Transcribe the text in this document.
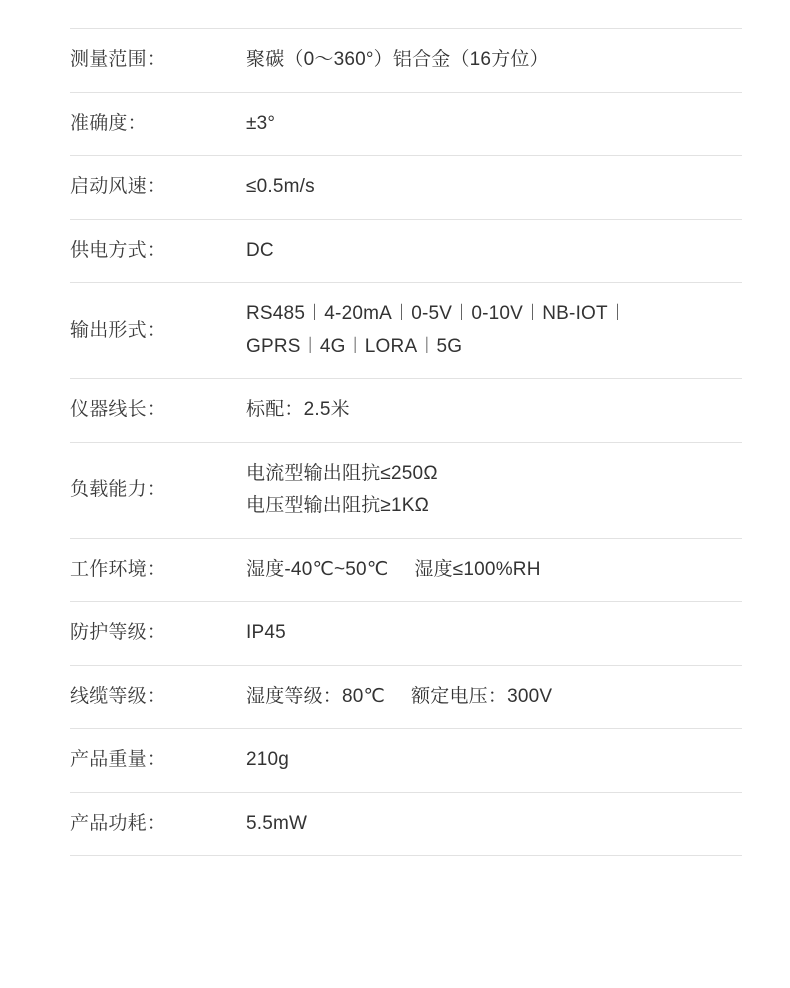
测量范围：	聚碳（0～360°）铝合金（16方位）

准确度：	±3°

启动风速：	≤0.5m/s

供电方式：	DC

输出形式：	RS485︱4-20mA︱0-5V︱0-10V︱NB-IOT︱
GPRS︱4G︱LORA︱5G

仪器线长：	标配：2.5米

负载能力：	电流型输出阻抗≤250Ω
电压型输出阻抗≥1KΩ

工作环境：	湿度-40℃~50℃ 湿度≤100%RH
防护等级：	IP45

线缆等级：	湿度等级：80℃ 额定电压：300V
产品重量：	210g

产品功耗：	5.5mW
